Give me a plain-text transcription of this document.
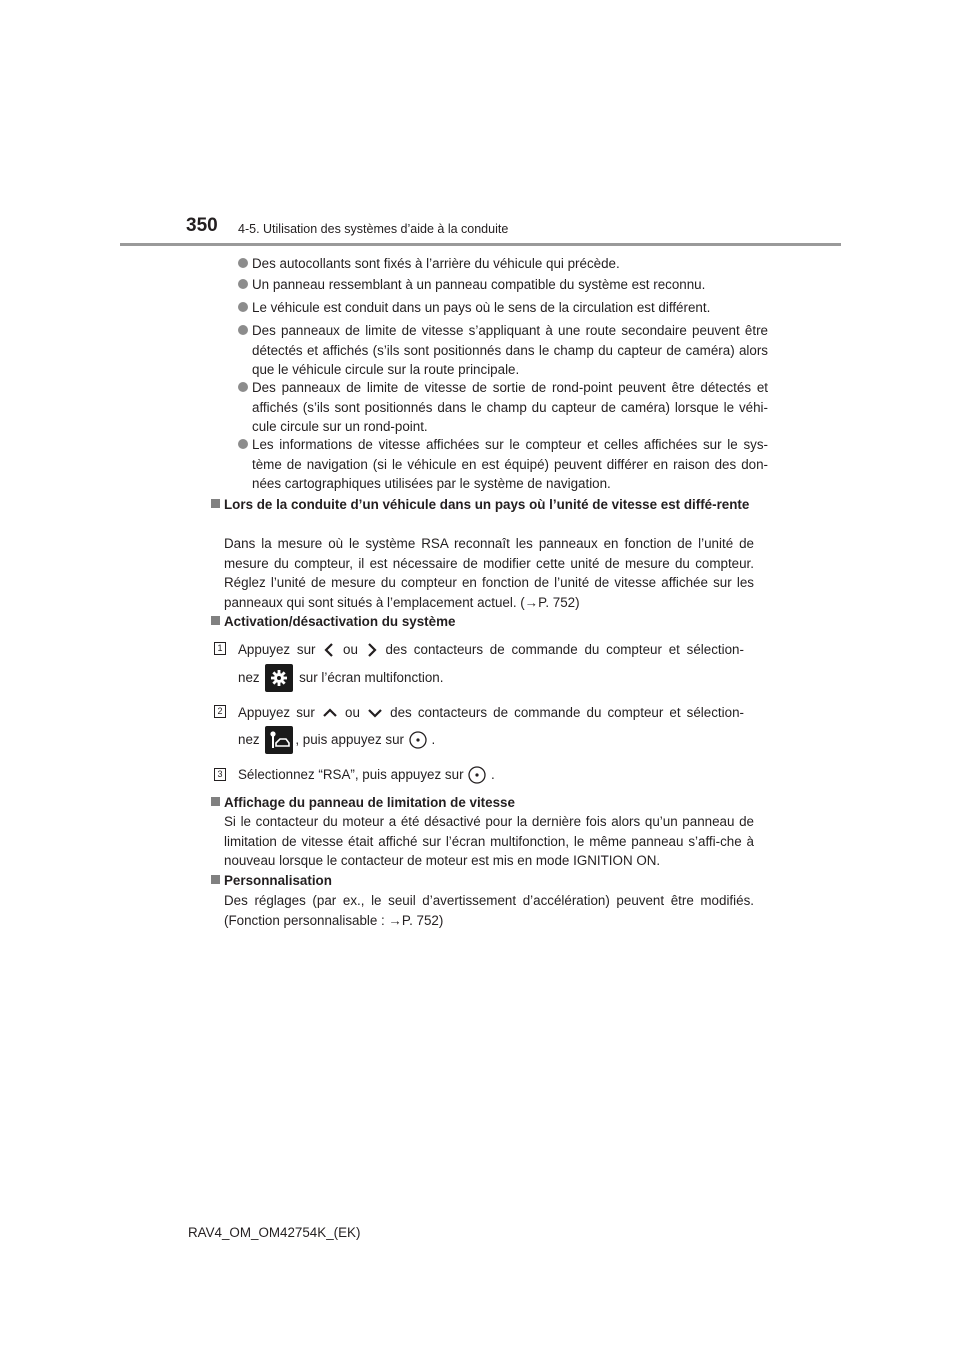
350 4-5. Utilisation des systèmes d’aide à la conduite
Des autocollants sont fixés à l’arrière du véhicule qui précède.
Un panneau ressemblant à un panneau compatible du système est reconnu.
Le véhicule est conduit dans un pays où le sens de la circulation est différent.
Des panneaux de limite de vitesse s’appliquant à une route secondaire peuvent être détectés et affichés (s’ils sont positionnés dans le champ du capteur de caméra) alors que le véhicule circule sur la route principale.
Des panneaux de limite de vitesse de sortie de rond-point peuvent être détectés et affichés (s’ils sont positionnés dans le champ du capteur de caméra) lorsque le véhi-cule circule sur un rond-point.
Les informations de vitesse affichées sur le compteur et celles affichées sur le sys-tème de navigation (si le véhicule en est équipé) peuvent différer en raison des don-nées cartographiques utilisées par le système de navigation.
Lors de la conduite d’un véhicule dans un pays où l’unité de vitesse est diffé-rente
Dans la mesure où le système RSA reconnaît les panneaux en fonction de l’unité de mesure du compteur, il est nécessaire de modifier cette unité de mesure du compteur. Réglez l’unité de mesure du compteur en fonction de l’unité de vitesse affichée sur les panneaux qui sont situés à l’emplacement actuel. (→P. 752)
Activation/désactivation du système
1 Appuyez sur ou des contacteurs de commande du compteur et sélection-
nez	sur l’écran multifonction.
2 Appuyez sur ou des contacteurs de commande du compteur et sélection-
nez	, puis appuyez sur .
3 Sélectionnez “RSA”, puis appuyez sur .
Affichage du panneau de limitation de vitesse
Si le contacteur du moteur a été désactivé pour la dernière fois alors qu’un panneau de limitation de vitesse était affiché sur l’écran multifonction, le même panneau s’affi-che à nouveau lorsque le contacteur de moteur est mis en mode IGNITION ON.
Personnalisation
Des réglages (par ex., le seuil d’avertissement d’accélération) peuvent être modifiés. (Fonction personnalisable : →P. 752)
RAV4_OM_OM42754K_(EK)
